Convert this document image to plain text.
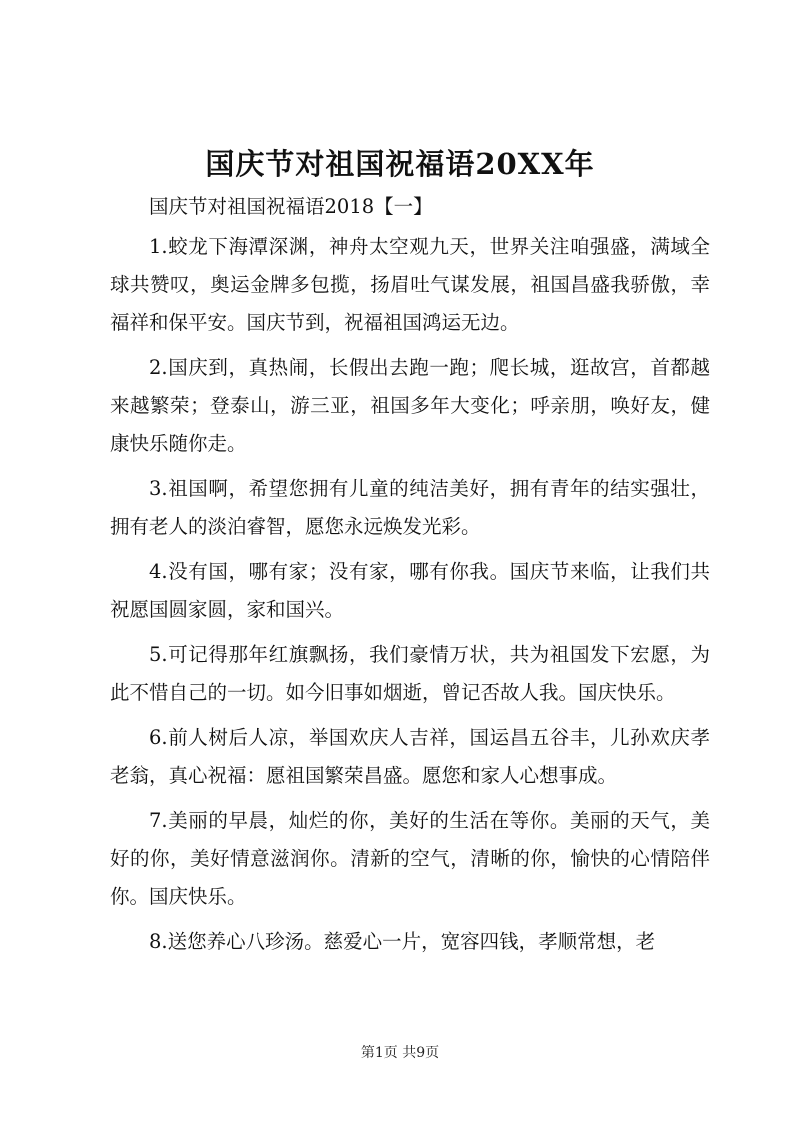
国庆节对祖国祝福语20XX年

国庆节对祖国祝福语2018【一】

1.蛟龙下海潭深渊，神舟太空观九天，世界关注咱强盛，满域全球共赞叹，奥运金牌多包揽，扬眉吐气谋发展，祖国昌盛我骄傲，幸福祥和保平安。国庆节到，祝福祖国鸿运无边。

2.国庆到，真热闹，长假出去跑一跑；爬长城，逛故宫，首都越来越繁荣；登泰山，游三亚，祖国多年大变化；呼亲朋，唤好友，健康快乐随你走。

3.祖国啊，希望您拥有儿童的纯洁美好，拥有青年的结实强壮，拥有老人的淡泊睿智，愿您永远焕发光彩。

4.没有国，哪有家；没有家，哪有你我。国庆节来临，让我们共祝愿国圆家圆，家和国兴。

5.可记得那年红旗飘扬，我们豪情万状，共为祖国发下宏愿，为此不惜自己的一切。如今旧事如烟逝，曾记否故人我。国庆快乐。

6.前人树后人凉，举国欢庆人吉祥，国运昌五谷丰，儿孙欢庆孝老翁，真心祝福：愿祖国繁荣昌盛。愿您和家人心想事成。

7.美丽的早晨，灿烂的你，美好的生活在等你。美丽的天气，美好的你，美好情意滋润你。清新的空气，清晰的你，愉快的心情陪伴你。国庆快乐。

8.送您养心八珍汤。慈爱心一片，宽容四钱，孝顺常想，老

第1页 共9页
